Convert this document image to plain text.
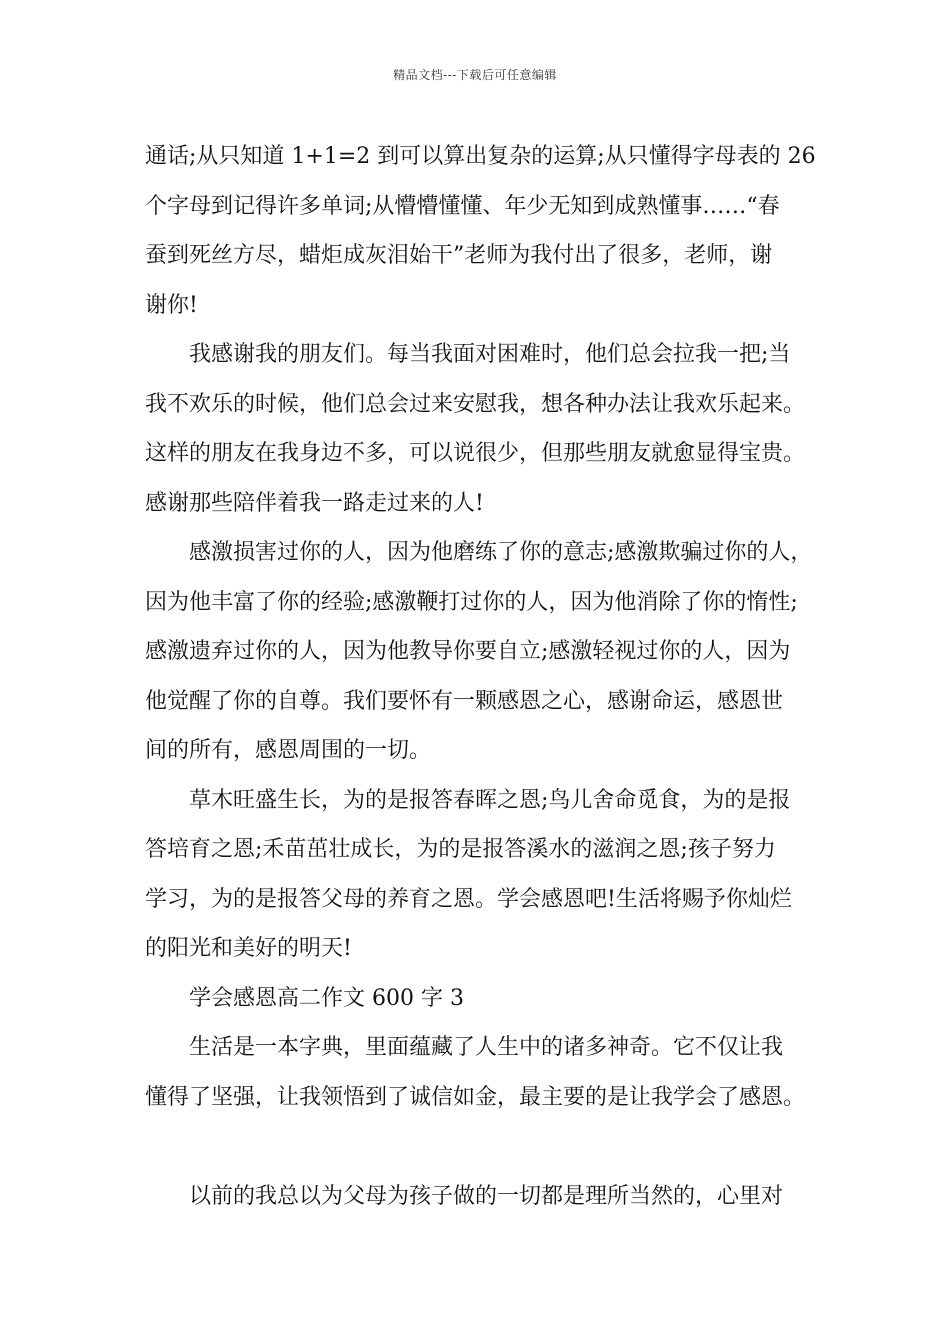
精品文档---下载后可任意编辑
通话;从只知道 1+1=2 到可以算出复杂的运算;从只懂得字母表的 26
个字母到记得许多单词;从懵懵懂懂、年少无知到成熟懂事……“春
蚕到死丝方尽，蜡炬成灰泪始干”老师为我付出了很多，老师，谢
谢你!
　　我感谢我的朋友们。每当我面对困难时，他们总会拉我一把;当
我不欢乐的时候，他们总会过来安慰我，想各种办法让我欢乐起来。
这样的朋友在我身边不多，可以说很少，但那些朋友就愈显得宝贵。
感谢那些陪伴着我一路走过来的人!
　　感激损害过你的人，因为他磨练了你的意志;感激欺骗过你的人，
因为他丰富了你的经验;感激鞭打过你的人，因为他消除了你的惰性;
感激遗弃过你的人，因为他教导你要自立;感激轻视过你的人，因为
他觉醒了你的自尊。我们要怀有一颗感恩之心，感谢命运，感恩世
间的所有，感恩周围的一切。
　　草木旺盛生长，为的是报答春晖之恩;鸟儿舍命觅食，为的是报
答培育之恩;禾苗茁壮成长，为的是报答溪水的滋润之恩;孩子努力
学习，为的是报答父母的养育之恩。学会感恩吧!生活将赐予你灿烂
的阳光和美好的明天!
　　学会感恩高二作文 600 字 3
　　生活是一本字典，里面蕴藏了人生中的诸多神奇。它不仅让我
懂得了坚强，让我领悟到了诚信如金，最主要的是让我学会了感恩。
　　以前的我总以为父母为孩子做的一切都是理所当然的，心里对
